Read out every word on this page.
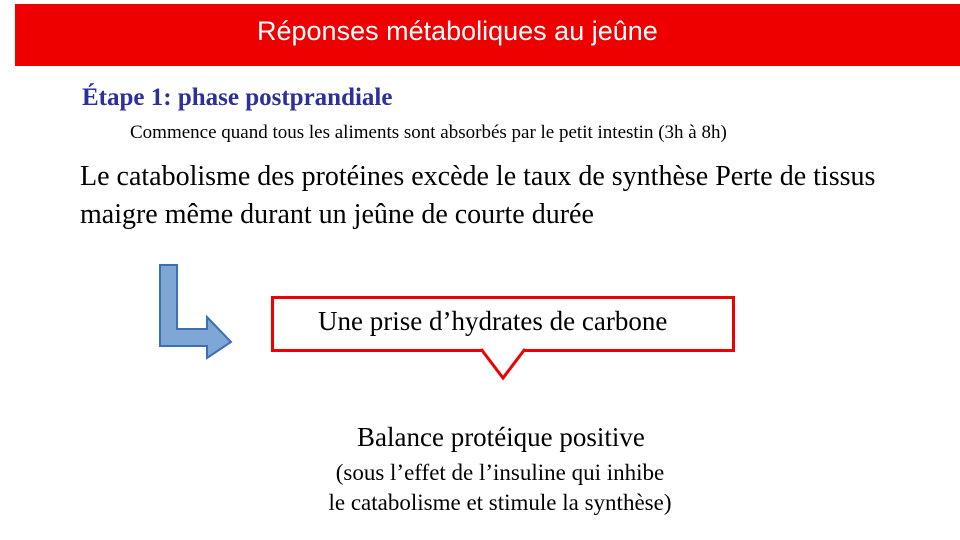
Réponses métaboliques au jeûne
Étape 1: phase postprandiale
Commence quand tous les aliments sont absorbés par le petit intestin (3h à 8h)
Le catabolisme des protéines excède le taux de synthèse Perte de tissus maigre même durant un jeûne de courte durée
Une prise d’hydrates de carbone
Balance protéique positive
(sous l’effet de l’insuline qui inhibe
le catabolisme et stimule la synthèse)
